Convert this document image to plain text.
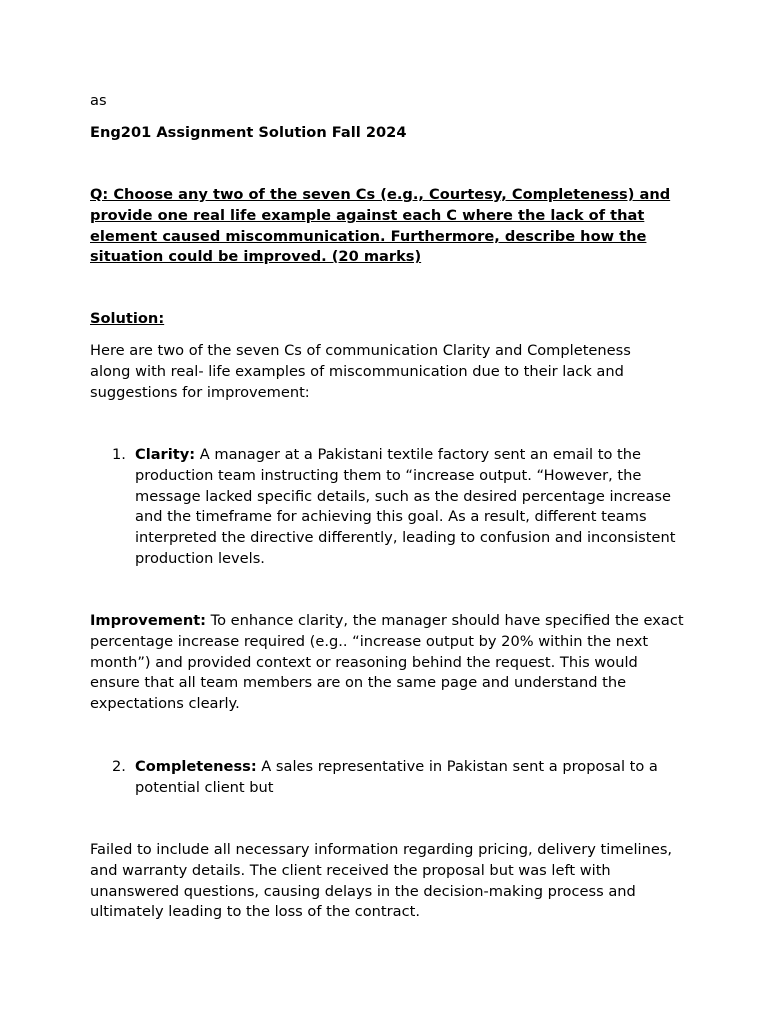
as

Eng201 Assignment Solution Fall 2024

Q: Choose any two of the seven Cs (e.g., Courtesy, Completeness) and provide one real life example against each C where the lack of that element caused miscommunication. Furthermore, describe how the situation could be improved. (20 marks)

Solution:

Here are two of the seven Cs of communication Clarity and Completeness along with real- life examples of miscommunication due to their lack and suggestions for improvement:

1. Clarity: A manager at a Pakistani textile factory sent an email to the production team instructing them to “increase output. “However, the message lacked specific details, such as the desired percentage increase and the timeframe for achieving this goal. As a result, different teams interpreted the directive differently, leading to confusion and inconsistent production levels.

Improvement: To enhance clarity, the manager should have specified the exact percentage increase required (e.g.. “increase output by 20% within the next month”) and provided context or reasoning behind the request. This would ensure that all team members are on the same page and understand the expectations clearly.

2. Completeness: A sales representative in Pakistan sent a proposal to a potential client but

Failed to include all necessary information regarding pricing, delivery timelines, and warranty details. The client received the proposal but was left with unanswered questions, causing delays in the decision-making process and ultimately leading to the loss of the contract.
